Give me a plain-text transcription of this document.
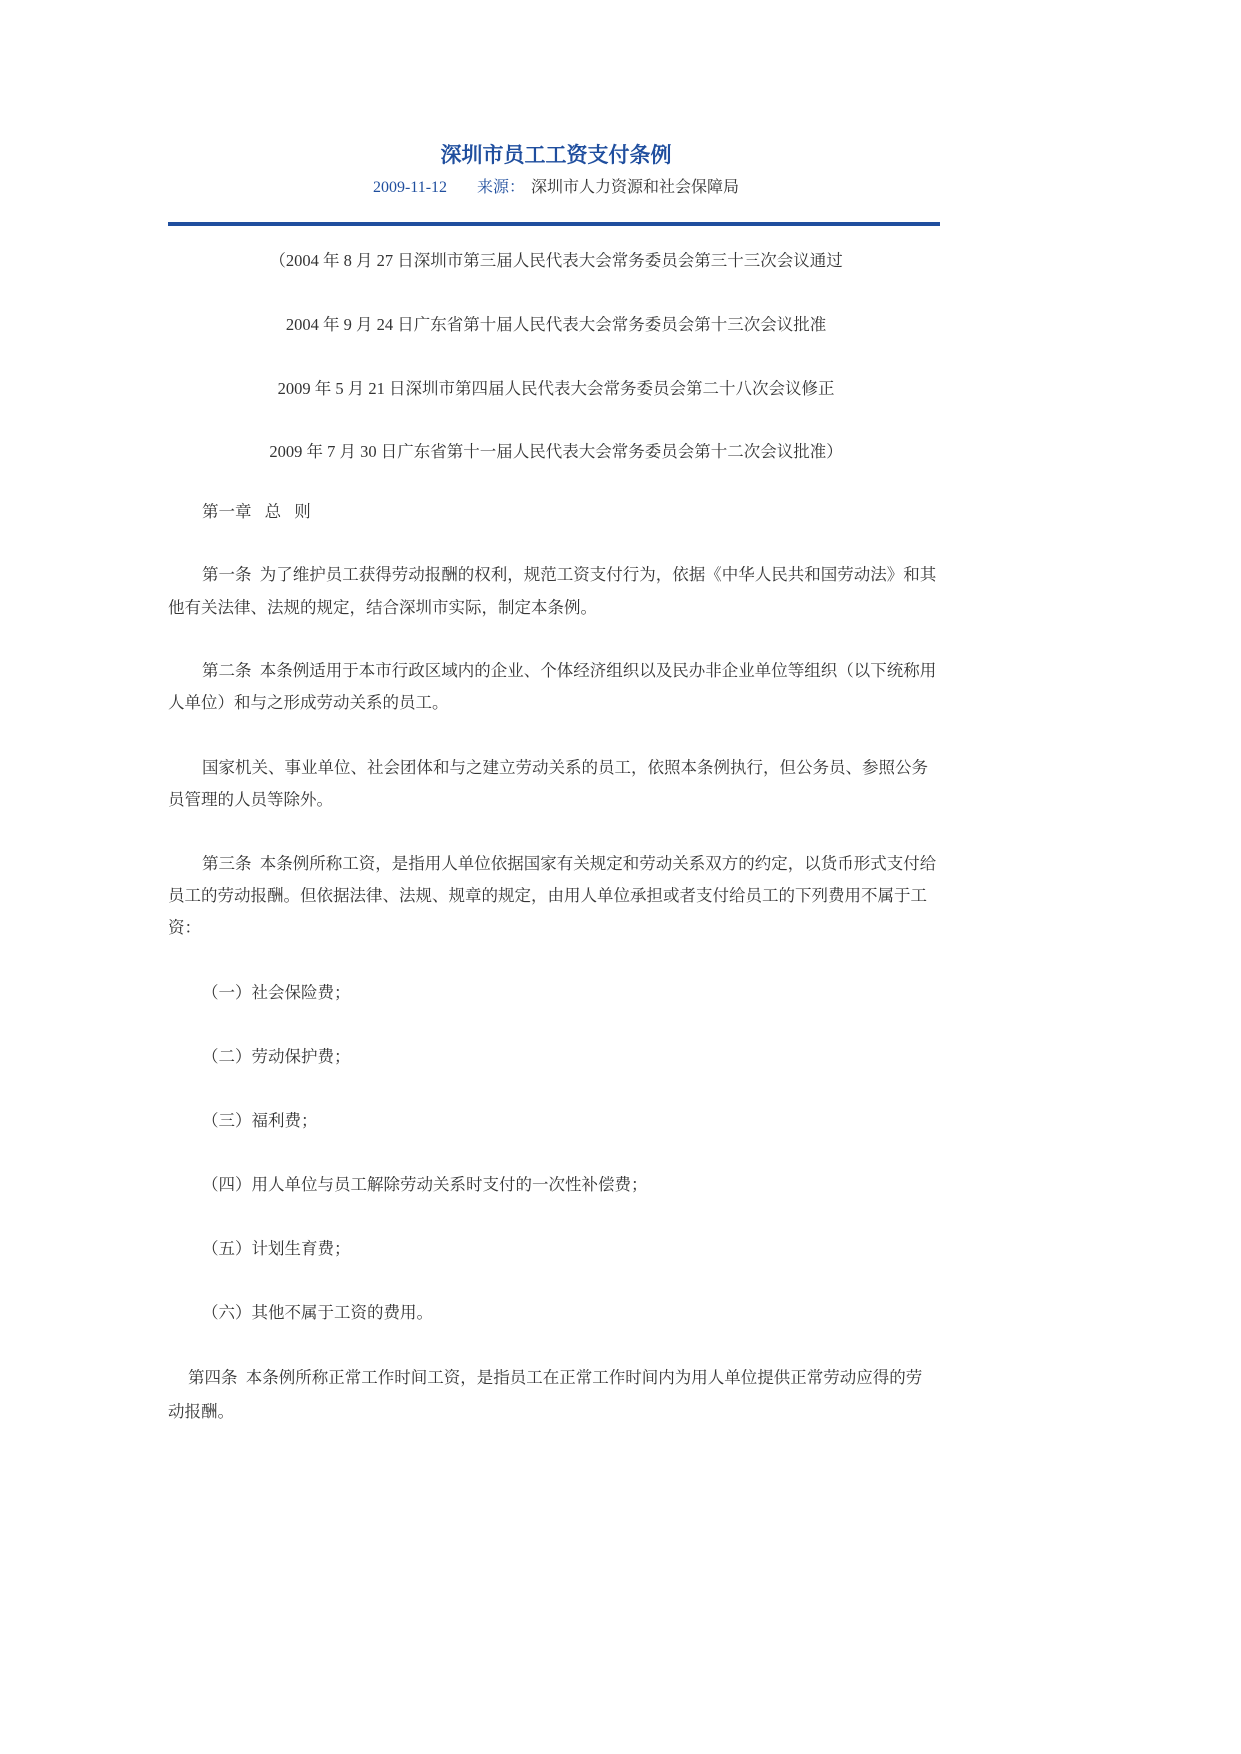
深圳市员工工资支付条例
2009-11-12 来源： 深圳市人力资源和社会保障局
（2004 年 8 月 27 日深圳市第三届人民代表大会常务委员会第三十三次会议通过
2004 年 9 月 24 日广东省第十届人民代表大会常务委员会第十三次会议批准
2009 年 5 月 21 日深圳市第四届人民代表大会常务委员会第二十八次会议修正
2009 年 7 月 30 日广东省第十一届人民代表大会常务委员会第十二次会议批准）
第一章 总 则
第一条  为了维护员工获得劳动报酬的权利，规范工资支付行为，依据《中华人民共和国劳动法》和其
他有关法律、法规的规定，结合深圳市实际，制定本条例。
第二条  本条例适用于本市行政区域内的企业、个体经济组织以及民办非企业单位等组织（以下统称用
人单位）和与之形成劳动关系的员工。
国家机关、事业单位、社会团体和与之建立劳动关系的员工，依照本条例执行，但公务员、参照公务
员管理的人员等除外。
第三条  本条例所称工资，是指用人单位依据国家有关规定和劳动关系双方的约定，以货币形式支付给
员工的劳动报酬。但依据法律、法规、规章的规定，由用人单位承担或者支付给员工的下列费用不属于工
资：
（一）社会保险费；
（二）劳动保护费；
（三）福利费；
（四）用人单位与员工解除劳动关系时支付的一次性补偿费；
（五）计划生育费；
（六）其他不属于工资的费用。
第四条  本条例所称正常工作时间工资，是指员工在正常工作时间内为用人单位提供正常劳动应得的劳
动报酬。
